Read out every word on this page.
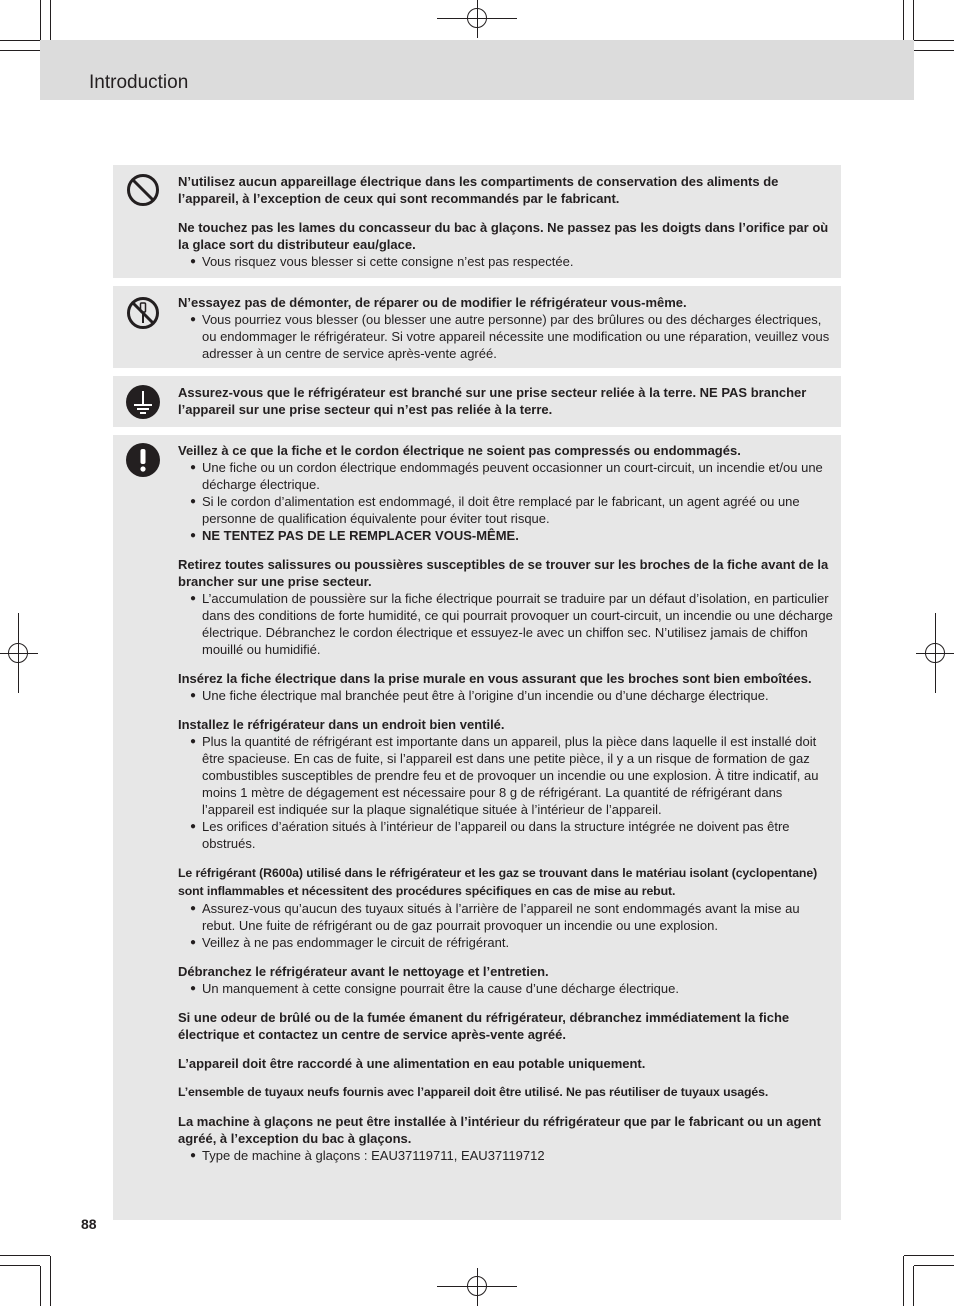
Introduction

N’utilisez aucun appareillage électrique dans les compartiments de conservation des aliments de l’appareil, à l’exception de ceux qui sont recommandés par le fabricant.

Ne touchez pas les lames du concasseur du bac à glaçons. Ne passez pas les doigts dans l’orifice par où la glace sort du distributeur eau/glace.

● Vous risquez vous blesser si cette consigne n’est pas respectée.

N’essayez pas de démonter, de réparer ou de modifier le réfrigérateur vous-même.

● Vous pourriez vous blesser (ou blesser une autre personne) par des brûlures ou des décharges électriques, ou endommager le réfrigérateur. Si votre appareil nécessite une modification ou une réparation, veuillez vous adresser à un centre de service après-vente agréé.

Assurez-vous que le réfrigérateur est branché sur une prise secteur reliée à la terre. NE PAS brancher l’appareil sur une prise secteur qui n’est pas reliée à la terre.

Veillez à ce que la fiche et le cordon électrique ne soient pas compressés ou endommagés.

● Une fiche ou un cordon électrique endommagés peuvent occasionner un court-circuit, un incendie et/ou une décharge électrique.

● Si le cordon d’alimentation est endommagé, il doit être remplacé par le fabricant, un agent agréé ou une personne de qualification équivalente pour éviter tout risque.

● NE TENTEZ PAS DE LE REMPLACER VOUS-MÊME.

Retirez toutes salissures ou poussières susceptibles de se trouver sur les broches de la fiche avant de la brancher sur une prise secteur.

● L’accumulation de poussière sur la fiche électrique pourrait se traduire par un défaut d’isolation, en particulier dans des conditions de forte humidité, ce qui pourrait provoquer un court-circuit, un incendie ou une décharge électrique. Débranchez le cordon électrique et essuyez-le avec un chiffon sec. N’utilisez jamais de chiffon mouillé ou humidifié.

Insérez la fiche électrique dans la prise murale en vous assurant que les broches sont bien emboîtées.

● Une fiche électrique mal branchée peut être à l’origine d’un incendie ou d’une décharge électrique.

Installez le réfrigérateur dans un endroit bien ventilé.

● Plus la quantité de réfrigérant est importante dans un appareil, plus la pièce dans laquelle il est installé doit être spacieuse. En cas de fuite, si l’appareil est dans une petite pièce, il y a un risque de formation de gaz combustibles susceptibles de prendre feu et de provoquer un incendie ou une explosion. À titre indicatif, au moins 1 mètre de dégagement est nécessaire pour 8 g de réfrigérant. La quantité de réfrigérant dans l’appareil est indiquée sur la plaque signalétique située à l’intérieur de l’appareil.

● Les orifices d’aération situés à l’intérieur de l’appareil ou dans la structure intégrée ne doivent pas être obstrués.

Le réfrigérant (R600a) utilisé dans le réfrigérateur et les gaz se trouvant dans le matériau isolant (cyclopentane) sont inflammables et nécessitent des procédures spécifiques en cas de mise au rebut.

● Assurez-vous qu’aucun des tuyaux situés à l’arrière de l’appareil ne sont endommagés avant la mise au rebut. Une fuite de réfrigérant ou de gaz pourrait provoquer un incendie ou une explosion.

● Veillez à ne pas endommager le circuit de réfrigérant.

Débranchez le réfrigérateur avant le nettoyage et l’entretien.

● Un manquement à cette consigne pourrait être la cause d’une décharge électrique.

Si une odeur de brûlé ou de la fumée émanent du réfrigérateur, débranchez immédiatement la fiche électrique et contactez un centre de service après-vente agréé.

L’appareil doit être raccordé à une alimentation en eau potable uniquement.

L’ensemble de tuyaux neufs fournis avec l’appareil doit être utilisé. Ne pas réutiliser de tuyaux usagés.

La machine à glaçons ne peut être installée à l’intérieur du réfrigérateur que par le fabricant ou un agent agréé, à l’exception du bac à glaçons.

● Type de machine à glaçons : EAU37119711, EAU37119712

88
